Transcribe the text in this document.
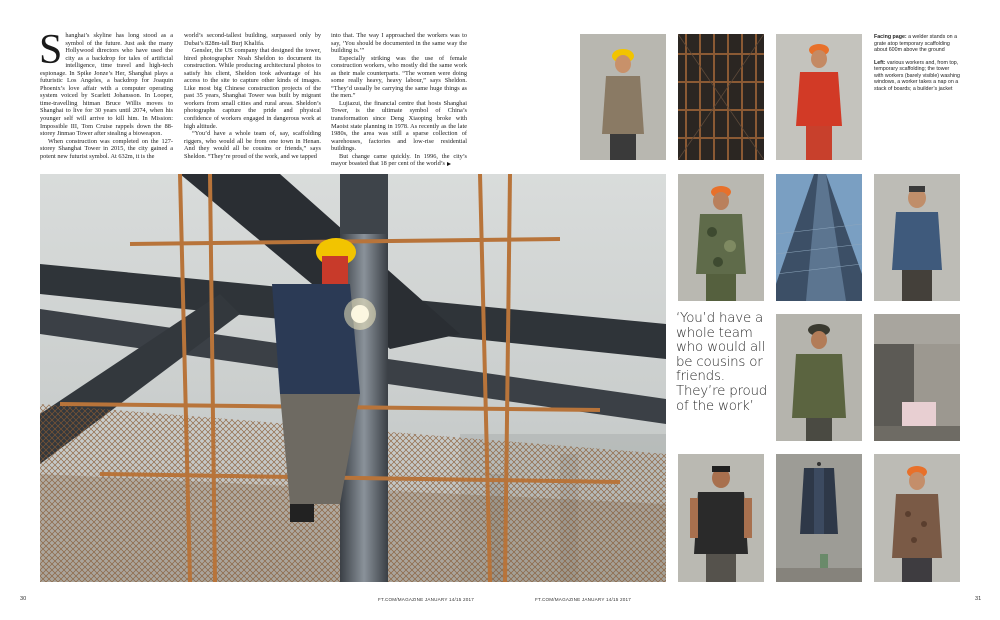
S hanghai’s skyline has long stood as a symbol of the future. Just ask the many Hollywood directors who have used the city as a backdrop for tales of artificial intelligence, time travel and high-tech espionage. In Spike Jonze’s Her, Shanghai plays a futuristic Los Angeles, a backdrop for Joaquin Phoenix’s love affair with a computer operating system voiced by Scarlett Johansson. In Looper, time-travelling hitman Bruce Willis moves to Shanghai to live for 30 years until 2074, when his younger self will arrive to kill him. In Mission: Impossible III, Tom Cruise rappels down the 88-storey Jinmao Tower after stealing a bioweapon.

When construction was completed on the 127-storey Shanghai Tower in 2015, the city gained a potent new futurist symbol. At 632m, it is the

world’s second-tallest building, surpassed only by Dubai’s 828m-tall Burj Khalifa.

Gensler, the US company that designed the tower, hired photographer Noah Sheldon to document its construction. While producing architectural photos to satisfy his client, Sheldon took advantage of his access to the site to capture other kinds of images. Like most big Chinese construction projects of the past 35 years, Shanghai Tower was built by migrant workers from small cities and rural areas. Sheldon’s photographs capture the pride and physical confidence of workers engaged in dangerous work at high altitude.

“You’d have a whole team of, say, scaffolding riggers, who would all be from one town in Henan. And they would all be cousins or friends,” says Sheldon. “They’re proud of the work, and we tapped

into that. The way I approached the workers was to say, ‘You should be documented in the same way the building is.’”

Especially striking was the use of female construction workers, who mostly did the same work as their male counterparts. “The women were doing some really heavy, heavy labour,” says Sheldon. “They’d usually be carrying the same huge things as the men.”

Lujiazui, the financial centre that hosts Shanghai Tower, is the ultimate symbol of China’s transformation since Deng Xiaoping broke with Maoist state planning in 1978. As recently as the late 1980s, the area was still a sparse collection of warehouses, factories and low-rise residential buildings.

But change came quickly. In 1996, the city’s mayor boasted that 18 per cent of the world’s

Facing page: a welder stands on a grate atop temporary scaffolding about 600m above the ground

Left: various workers and, from top, temporary scaffolding; the tower with workers (barely visible) washing windows, a worker takes a nap on a stack of boards; a builder’s jacket

‘You’d have a whole team who would all be cousins or friends. They’re proud of the work’
30	FT.COM/MAGAZINE JANUARY 14/15 2017	FT.COM/MAGAZINE JANUARY 14/15 2017	31
